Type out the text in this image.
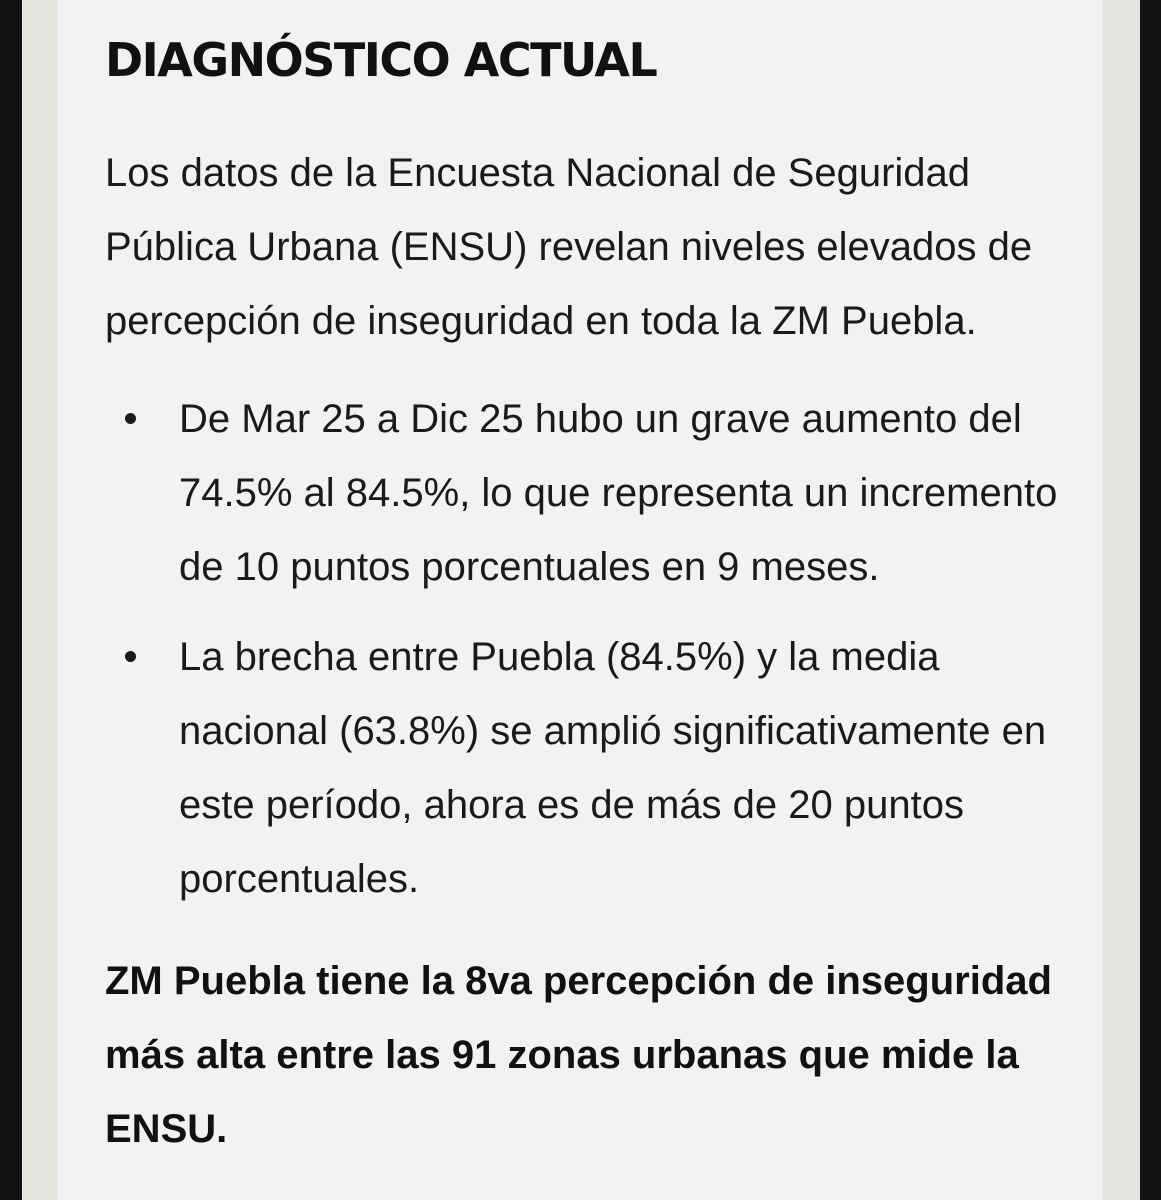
DIAGNÓSTICO ACTUAL

Los datos de la Encuesta Nacional de Seguridad Pública Urbana (ENSU) revelan niveles elevados de percepción de inseguridad en toda la ZM Puebla.

De Mar 25 a Dic 25 hubo un grave aumento del 74.5% al 84.5%, lo que representa un incremento de 10 puntos porcentuales en 9 meses.
La brecha entre Puebla (84.5%) y la media nacional (63.8%) se amplió significativamente en este período, ahora es de más de 20 puntos porcentuales.

ZM Puebla tiene la 8va percepción de inseguridad más alta entre las 91 zonas urbanas que mide la ENSU.
